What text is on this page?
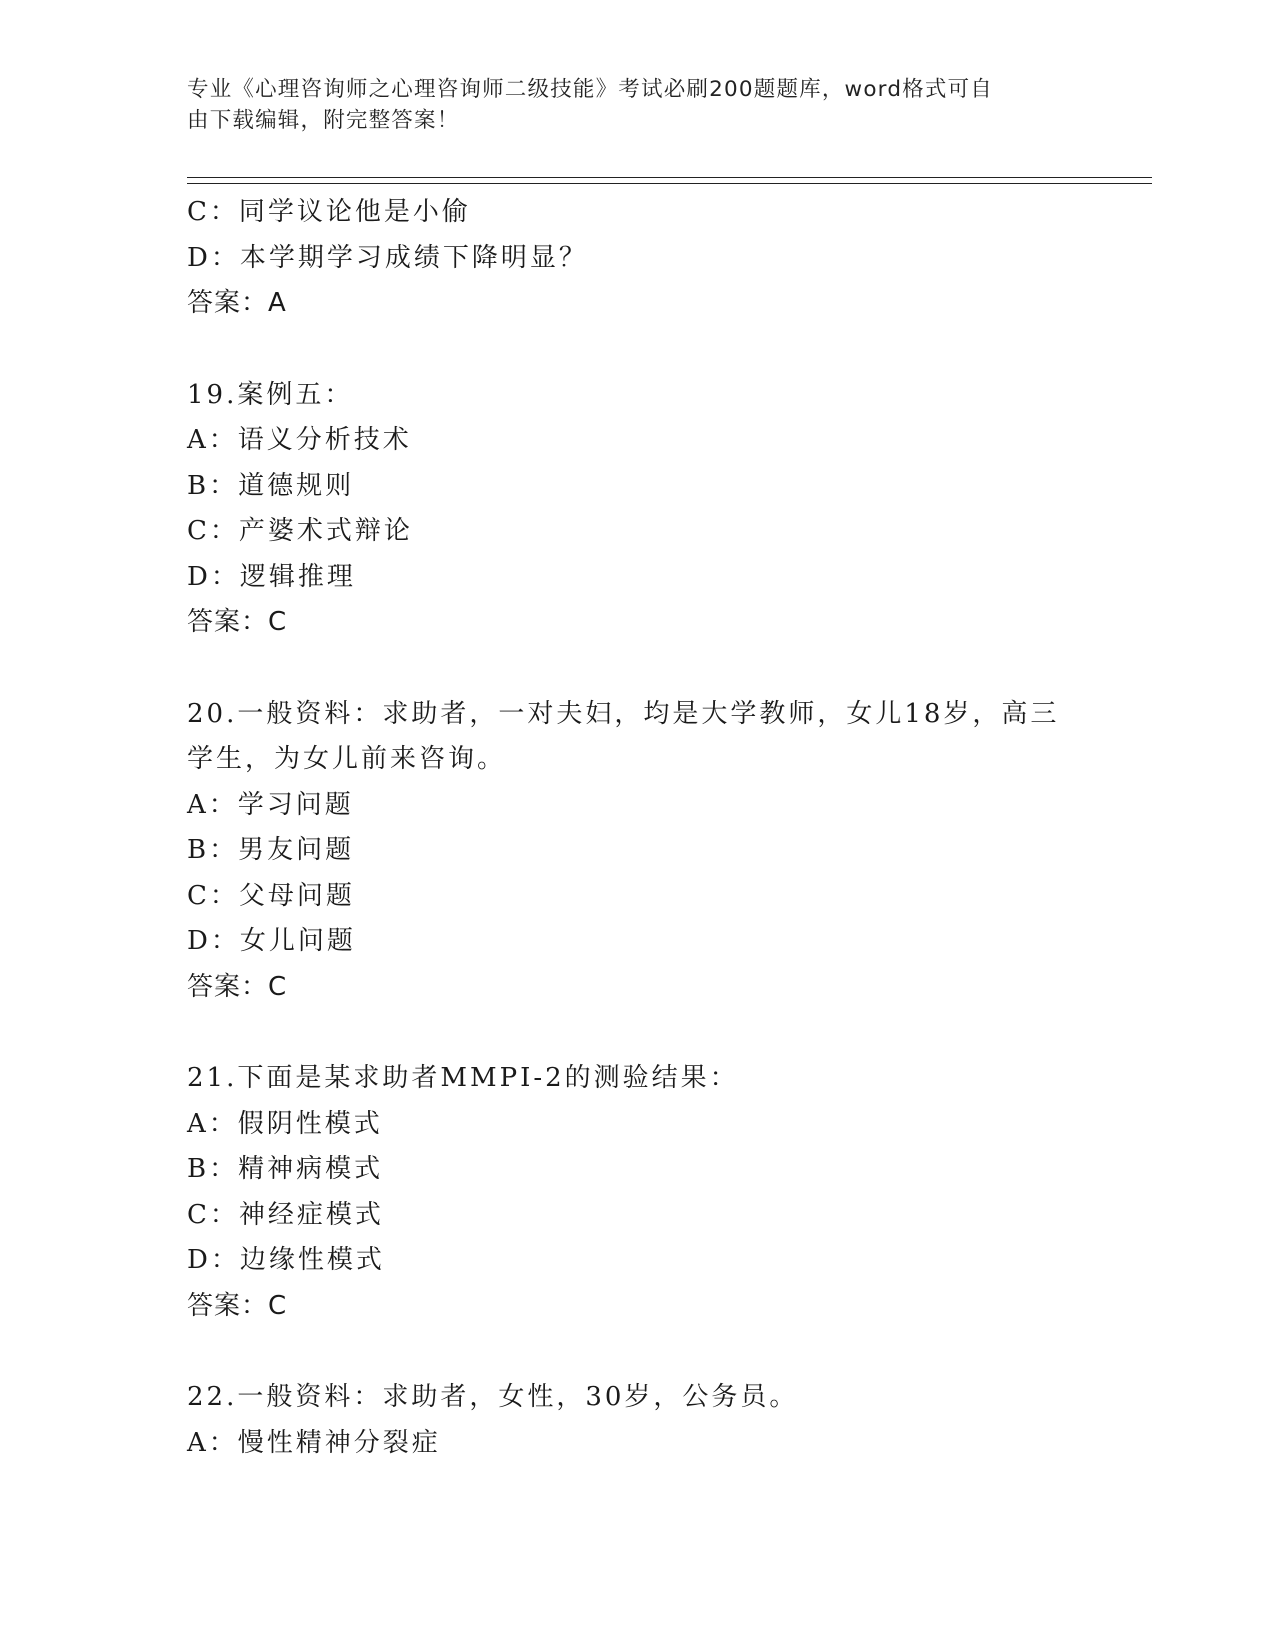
专业《心理咨询师之心理咨询师二级技能》考试必刷200题题库，word格式可自
由下载编辑，附完整答案！
C：同学议论他是小偷
D：本学期学习成绩下降明显？
答案：A
19.案例五：
A：语义分析技术
B：道德规则
C：产婆术式辩论
D：逻辑推理
答案：C
20.一般资料：求助者，一对夫妇，均是大学教师，女儿18岁，高三
学生，为女儿前来咨询。
A：学习问题
B：男友问题
C：父母问题
D：女儿问题
答案：C
21.下面是某求助者MMPI-2的测验结果：
A：假阴性模式
B：精神病模式
C：神经症模式
D：边缘性模式
答案：C
22.一般资料：求助者，女性，30岁，公务员。
A：慢性精神分裂症
